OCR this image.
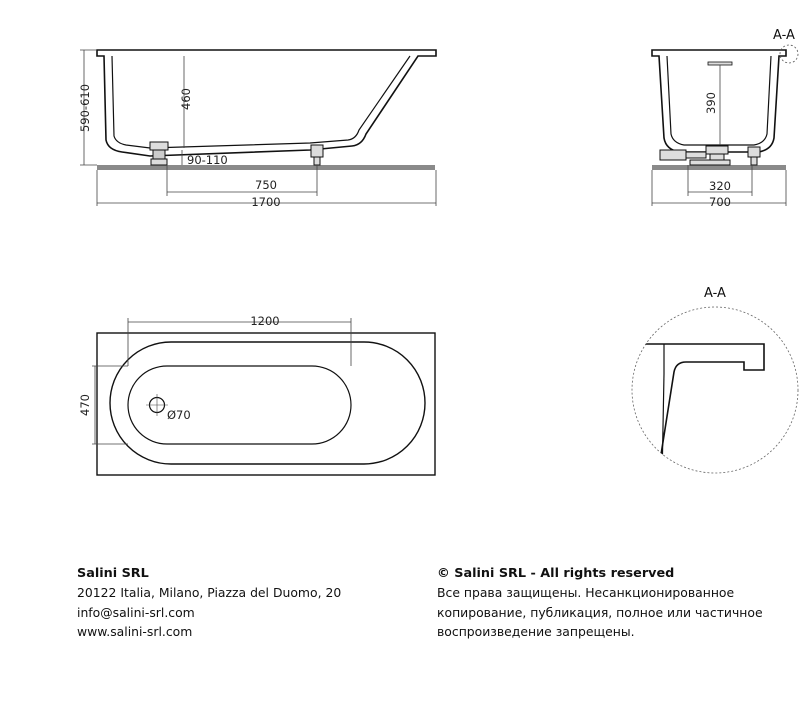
590-610	460
90-110
750
1700
A-A
390
320
700
Ø70
1200
470
A-A
Salini SRL
20122 Italia, Milano, Piazza del Duomo, 20
info@salini-srl.com
www.salini-srl.com
© Salini SRL - All rights reserved
Все права защищены. Несанкционированное
копирование, публикация, полное или частичное
воспроизведение запрещены.
